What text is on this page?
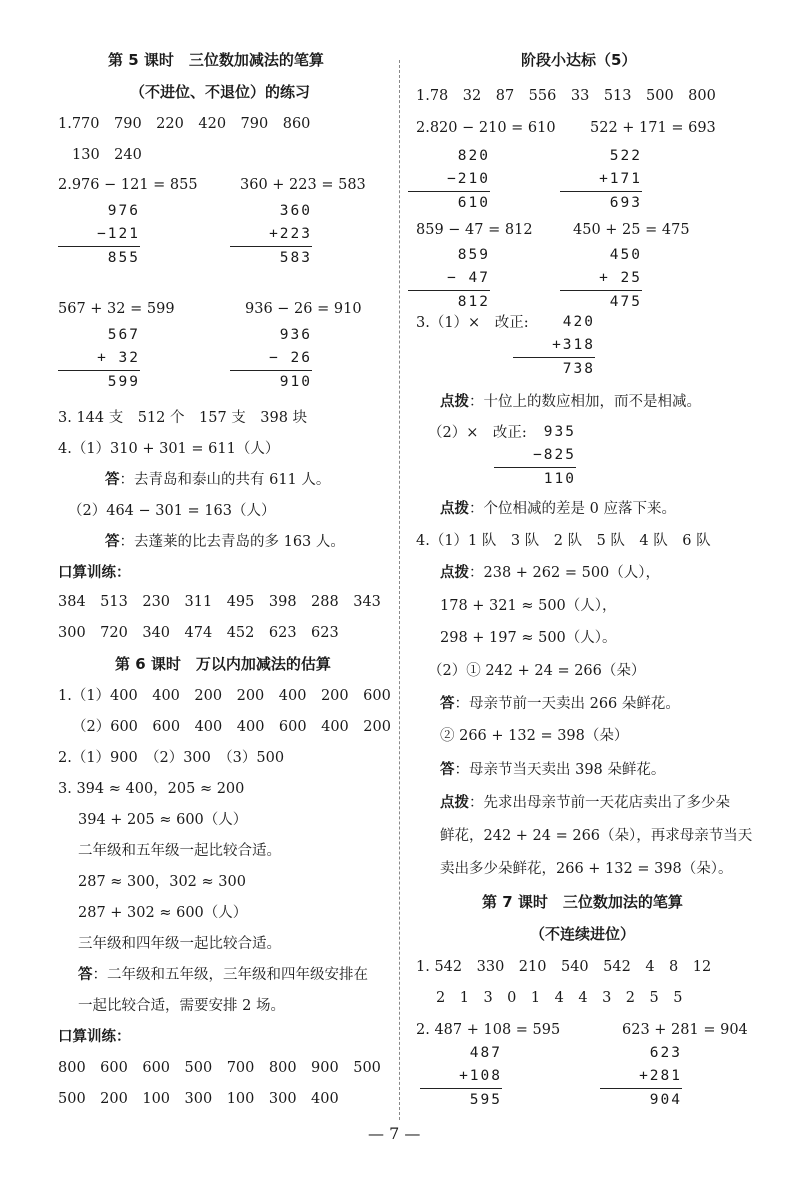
第 5 课时　三位数加减法的笔算
（不进位、不退位）的练习
1.770　790　220　420　790　860
130　240
2.976 − 121 = 855	360 + 223 = 583
976
−121
855
360
+223
583
567 + 32 = 599	936 − 26 = 910
567
+ 32
599
936
− 26
910
3. 144 支　512 个　157 支　398 块
4.（1）310 + 301 = 611（人）
答：去青岛和泰山的共有 611 人。
（2）464 − 301 = 163（人）
答：去蓬莱的比去青岛的多 163 人。
口算训练：
384　513　230　311　495　398　288　343
300　720　340　474　452　623　623
第 6 课时　万以内加减法的估算
1.（1）400　400　200　200　400　200　600
（2）600　600　400　400　600　400　200
2.（1）900　（2）300　（3）500
3. 394 ≈ 400，205 ≈ 200
394 + 205 ≈ 600（人）
二年级和五年级一起比较合适。
287 ≈ 300，302 ≈ 300
287 + 302 ≈ 600（人）
三年级和四年级一起比较合适。
答：二年级和五年级，三年级和四年级安排在
一起比较合适，需要安排 2 场。
口算训练：
800　600　600　500　700　800　900　500
500　200　100　300　100　300　400
阶段小达标（5）
1.78　32　87　556　33　513　500　800
2.820 − 210 = 610 522 + 171 = 693
820
−210
610
522
+171
693
859 − 47 = 812	450 + 25 = 475
859
− 47
812
450
+ 25
475
3.（1）×　改正:	420
+318
738
点拨：十位上的数应相加，而不是相减。
（2）×　改正:	935
−825
110
点拨：个位相减的差是 0 应落下来。
4.（1）1 队　3 队　2 队　5 队　4 队　6 队
点拨：238 + 262 = 500（人），
178 + 321 ≈ 500（人），
298 + 197 ≈ 500（人）。
（2）① 242 + 24 = 266（朵）
答：母亲节前一天卖出 266 朵鲜花。
② 266 + 132 = 398（朵）
答：母亲节当天卖出 398 朵鲜花。
点拨：先求出母亲节前一天花店卖出了多少朵
鲜花，242 + 24 = 266（朵），再求母亲节当天
卖出多少朵鲜花，266 + 132 = 398（朵）。
第 7 课时　三位数加法的笔算
（不连续进位）
1. 542　330　210　540　542　4　8　12
2　1　3　0　1　4　4　3　2　5　5
2. 487 + 108 = 595	623 + 281 = 904
487
+108
595
623
+281
904
— 7 —
